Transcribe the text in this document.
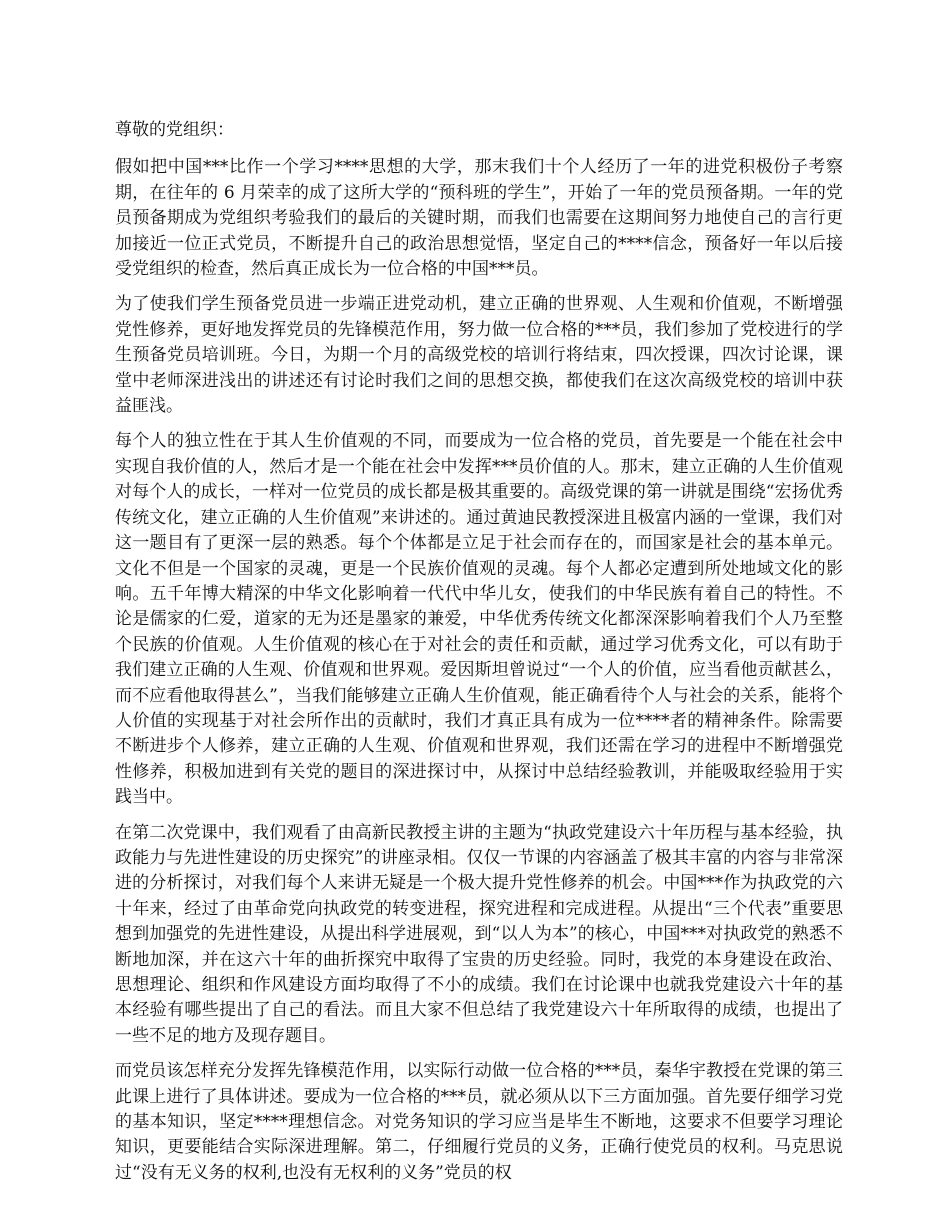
尊敬的党组织：

假如把中国***比作一个学习****思想的大学，那末我们十个人经历了一年的进党积极份子考察期，在往年的 6 月荣幸的成了这所大学的“预科班的学生”，开始了一年的党员预备期。一年的党员预备期成为党组织考验我们的最后的关键时期，而我们也需要在这期间努力地使自己的言行更加接近一位正式党员，不断提升自己的政治思想觉悟，坚定自己的****信念，预备好一年以后接受党组织的检查，然后真正成长为一位合格的中国***员。

为了使我们学生预备党员进一步端正进党动机，建立正确的世界观、人生观和价值观，不断增强党性修养，更好地发挥党员的先锋模范作用，努力做一位合格的***员，我们参加了党校进行的学生预备党员培训班。今日，为期一个月的高级党校的培训行将结束，四次授课，四次讨论课，课堂中老师深进浅出的讲述还有讨论时我们之间的思想交换，都使我们在这次高级党校的培训中获益匪浅。

每个人的独立性在于其人生价值观的不同，而要成为一位合格的党员，首先要是一个能在社会中实现自我价值的人，然后才是一个能在社会中发挥***员价值的人。那末，建立正确的人生价值观对每个人的成长，一样对一位党员的成长都是极其重要的。高级党课的第一讲就是围绕“宏扬优秀传统文化，建立正确的人生价值观”来讲述的。通过黄迪民教授深进且极富内涵的一堂课，我们对这一题目有了更深一层的熟悉。每个个体都是立足于社会而存在的，而国家是社会的基本单元。文化不但是一个国家的灵魂，更是一个民族价值观的灵魂。每个人都必定遭到所处地域文化的影响。五千年博大精深的中华文化影响着一代代中华儿女，使我们的中华民族有着自己的特性。不论是儒家的仁爱，道家的无为还是墨家的兼爱，中华优秀传统文化都深深影响着我们个人乃至整个民族的价值观。人生价值观的核心在于对社会的责任和贡献，通过学习优秀文化，可以有助于我们建立正确的人生观、价值观和世界观。爱因斯坦曾说过“一个人的价值，应当看他贡献甚么，而不应看他取得甚么”，当我们能够建立正确人生价值观，能正确看待个人与社会的关系，能将个人价值的实现基于对社会所作出的贡献时，我们才真正具有成为一位****者的精神条件。除需要不断进步个人修养，建立正确的人生观、价值观和世界观，我们还需在学习的进程中不断增强党性修养，积极加进到有关党的题目的深进探讨中，从探讨中总结经验教训，并能吸取经验用于实践当中。

在第二次党课中，我们观看了由高新民教授主讲的主题为“执政党建设六十年历程与基本经验，执政能力与先进性建设的历史探究”的讲座录相。仅仅一节课的内容涵盖了极其丰富的内容与非常深进的分析探讨，对我们每个人来讲无疑是一个极大提升党性修养的机会。中国***作为执政党的六十年来，经过了由革命党向执政党的转变进程，探究进程和完成进程。从提出“三个代表”重要思想到加强党的先进性建设，从提出科学进展观，到“以人为本”的核心，中国***对执政党的熟悉不断地加深，并在这六十年的曲折探究中取得了宝贵的历史经验。同时，我党的本身建设在政治、思想理论、组织和作风建设方面均取得了不小的成绩。我们在讨论课中也就我党建设六十年的基本经验有哪些提出了自己的看法。而且大家不但总结了我党建设六十年所取得的成绩，也提出了一些不足的地方及现存题目。

而党员该怎样充分发挥先锋模范作用，以实际行动做一位合格的***员，秦华宇教授在党课的第三此课上进行了具体讲述。要成为一位合格的***员，就必须从以下三方面加强。首先要仔细学习党的基本知识，坚定****理想信念。对党务知识的学习应当是毕生不断地，这要求不但要学习理论知识，更要能结合实际深进理解。第二，仔细履行党员的义务，正确行使党员的权利。马克思说过“没有无义务的权利,也没有无权利的义务”党员的权
